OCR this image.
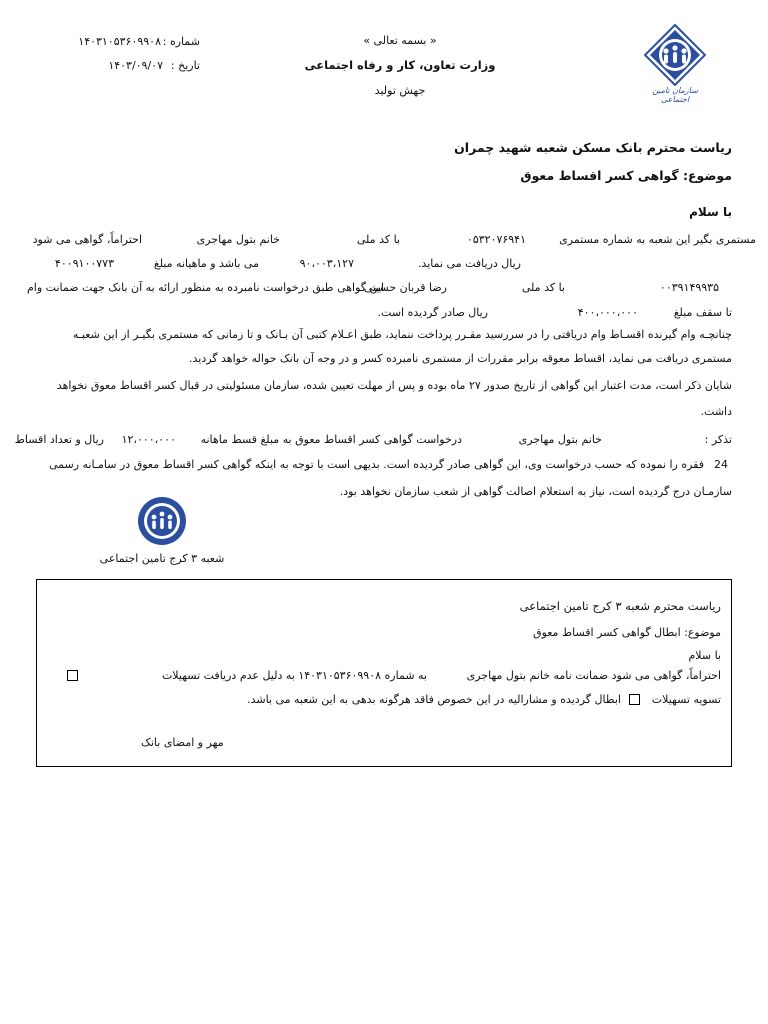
سازمان تامین اجتماعی
« بسمه تعالی »
وزارت تعاون، کار و رفاه اجتماعی
جهش تولید
شماره :
۱۴۰۳۱۰۵۳۶۰۹۹۰۸
تاریخ :
۱۴۰۳/۰۹/۰۷
ریاست محترم بانک مسکن شعبه شهید چمران
موضوع: گواهی کسر اقساط معوق
با سلام
احتراماً، گواهی می شود	خانم بتول مهاجری	با کد ملی	۰۵۳۲۰۷۶۹۴۱	مستمری بگیر این شعبه به شماره مستمری
۴۰۰۹۱۰۰۷۷۳	می باشد و ماهیانه مبلغ	۹۰،۰۰۳،۱۲۷	ریال دریافت می نماید.
این گواهی طبق درخواست نامبرده به منظور ارائه به آن بانک جهت ضمانت وام
رضا قربان حسینی	با کد ملی	۰۰۳۹۱۴۹۹۳۵
تا سقف مبلغ
۴۰۰،۰۰۰،۰۰۰
ریال صادر گردیده است.
چنانچـه وام گیرنده اقسـاط وام دریافتی را در سررسید مقـرر پرداخت ننماید، طبق اعـلام کتبی آن بـانک و تا زمانی که مستمری بگیـر از این شعبـه
مستمری دریافت می نماید، اقساط معوقه برابر مقررات از مستمری نامبرده کسر و در وجه آن بانک حواله خواهد گردید.
شایان ذکر است، مدت اعتبار این گواهی از تاریخ صدور ۲۷ ماه بوده و پس از مهلت تعیین شده، سازمان مسئولیتی در قبال کسر اقساط معوق نخواهد
داشت.
تذکر :
خانم بتول مهاجری
درخواست گواهی کسر اقساط معوق به مبلغ قسط ماهانه
۱۲،۰۰۰،۰۰۰
ریال و تعداد اقساط
24
فقره را نموده که حسب درخواست وی، این گواهی صادر گردیده است. بدیهی است با توجه به اینکه گواهی کسر اقساط معوق در سامـانه رسمی
سازمـان درج گردیده است، نیاز به استعلام اصالت گواهی از شعب سازمان نخواهد بود.
شعبه ۳ کرج تامین اجتماعی
ریاست محترم شعبه ۳ کرج تامین اجتماعی
موضوع: ابطال گواهی کسر اقساط معوق
با سلام
احتراماً، گواهی می شود ضمانت نامه خانم بتول مهاجری
به شماره ۱۴۰۳۱۰۵۳۶۰۹۹۰۸ به دلیل عدم دریافت تسهیلات
تسویه تسهیلات
ابطال گردیده و مشارالیه در این خصوص فاقد هرگونه بدهی به این شعبه می باشد.
مهر و امضای بانک
